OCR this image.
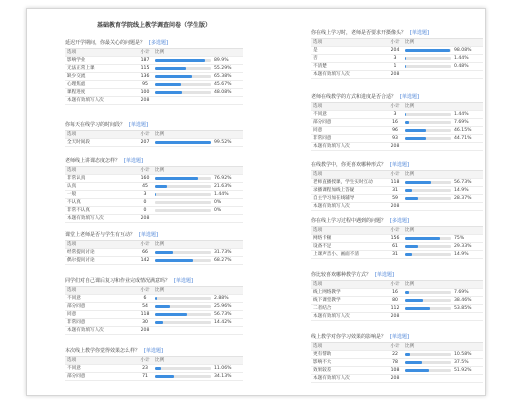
基础教育学院线上教学调查问卷（学生版）
延迟开学期间，你最关心的问题是？ [多选题]
选项	小计	比例
影响学业	187	89.9%
无法正常上课	115	55.29%
缺少交流	136	65.38%
心理焦虑	95	45.67%
课程进度	100	48.08%
本题有效填写人次	208
你每天在线学习的时间段？ [单选题]
选项	小计	比例
全天时间段	207	99.52%
老师线上讲课态度怎样？ [单选题]
选项	小计	比例
非常认真	160	76.92%
认真	45	21.63%
一般	3	1.44%
不认真	0	0%
非常不认真	0	0%
本题有效填写人次	208
课堂上老师是否与学生有互动？ [单选题]
选项	小计	比例
经常提问讨论	66	31.73%
偶尔提问讨论	142	68.27%
同学们对自己课后复习和作业完成情况满意吗？ [单选题]
选项	小计	比例
不同意	6	2.88%
部分同意	54	25.96%
同意	118	56.73%
非常同意	30	14.42%
本题有效填写人次	208
本次线上教学你觉得效果怎么样？ [单选题]
选项	小计	比例
不同意	23	11.06%
部分同意	71	34.13%
你在线上学习时，老师是否要求开摄像头？ [单选题]
选项	小计	比例
是	204	98.08%
否	3	1.44%
不清楚	1	0.48%
本题有效填写人次	208
老师在线教学的方式和进度是否合适？ [单选题]
选项	小计	比例
不同意	3	1.44%
部分同意	16	7.69%
同意	96	46.15%
非常同意	93	44.71%
本题有效填写人次	208
在线教学中，你更喜欢哪种形式？ [单选题]
选项	小计	比例
老师直播授课，学生实时互动	118	56.73%
录播课程加线上答疑	31	14.9%
自主学习加在线辅导	59	28.37%
本题有效填写人次	208
你在线上学习过程中遇到的问题？ [多选题]
选项	小计	比例
网络卡顿	156	75%
设备不足	61	29.33%
上课声音小、画面不清	31	14.9%
你比较喜欢哪种教学方式？ [单选题]
选项	小计	比例
线上网络教学	16	7.69%
线下课堂教学	80	38.46%
二者结合	112	53.85%
本题有效填写人次	208
线上教学对你学习效果的影响是？ [单选题]
选项	小计	比例
更有帮助	22	10.58%
影响不大	78	37.5%
效果较差	108	51.92%
本题有效填写人次	208
